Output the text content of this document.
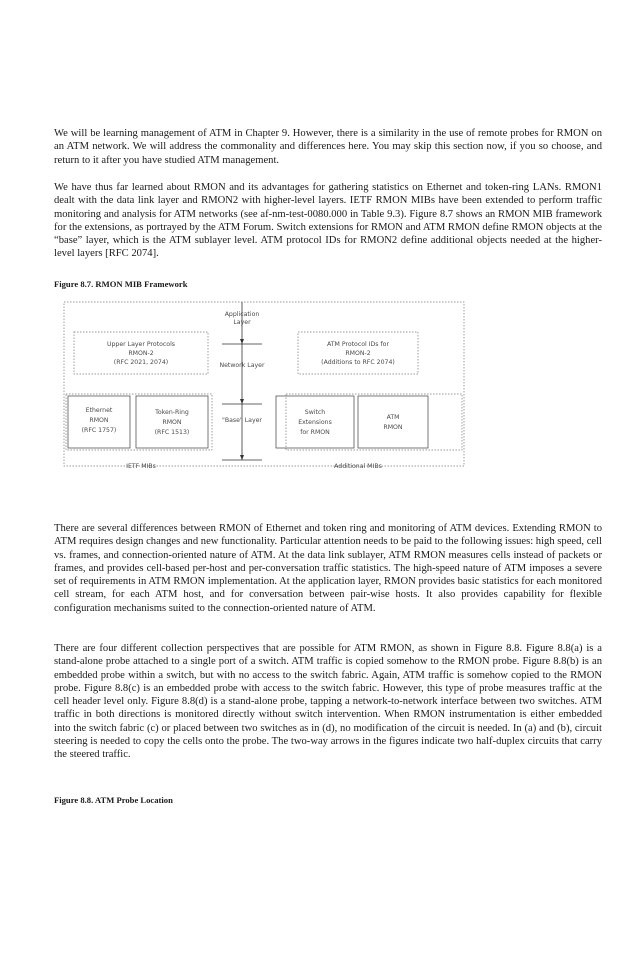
We will be learning management of ATM in Chapter 9. However, there is a similarity in the use of remote probes for RMON on an ATM network. We will address the commonality and differences here. You may skip this section now, if you so choose, and return to it after you have studied ATM management.

We have thus far learned about RMON and its advantages for gathering statistics on Ethernet and token-ring LANs. RMON1 dealt with the data link layer and RMON2 with higher-level layers. IETF RMON MIBs have been extended to perform traffic monitoring and analysis for ATM networks (see af-nm-test-0080.000 in Table 9.3). Figure 8.7 shows an RMON MIB framework for the extensions, as portrayed by the ATM Forum. Switch extensions for RMON and ATM RMON define RMON objects at the “base” layer, which is the ATM sublayer level. ATM protocol IDs for RMON2 define additional objects needed at the higher-level layers [RFC 2074].

Figure 8.7. RMON MIB Framework

Application
Layer
Network Layer
"Base" Layer
Upper Layer Protocols
RMON-2
(RFC 2021, 2074)
ATM Protocol IDs for
RMON-2
(Additions to RFC 2074)
Ethernet
RMON
(RFC 1757)
Token-Ring
RMON
(RFC 1513)
Switch
Extensions
for RMON
ATM
RMON
IETF MIBs	Additional MIBs

There are several differences between RMON of Ethernet and token ring and monitoring of ATM devices. Extending RMON to ATM requires design changes and new functionality. Particular attention needs to be paid to the following issues: high speed, cell vs. frames, and connection-oriented nature of ATM. At the data link sublayer, ATM RMON measures cells instead of packets or frames, and provides cell-based per-host and per-conversation traffic statistics. The high-speed nature of ATM imposes a severe set of requirements in ATM RMON implementation. At the application layer, RMON provides basic statistics for each monitored cell stream, for each ATM host, and for conversation between pair-wise hosts. It also provides capability for flexible configuration mechanisms suited to the connection-oriented nature of ATM.

There are four different collection perspectives that are possible for ATM RMON, as shown in Figure 8.8. Figure 8.8(a) is a stand-alone probe attached to a single port of a switch. ATM traffic is copied somehow to the RMON probe. Figure 8.8(b) is an embedded probe within a switch, but with no access to the switch fabric. Again, ATM traffic is somehow copied to the RMON probe. Figure 8.8(c) is an embedded probe with access to the switch fabric. However, this type of probe measures traffic at the cell header level only. Figure 8.8(d) is a stand-alone probe, tapping a network-to-network interface between two switches. ATM traffic in both directions is monitored directly without switch intervention. When RMON instrumentation is either embedded into the switch fabric (c) or placed between two switches as in (d), no modification of the circuit is needed. In (a) and (b), circuit steering is needed to copy the cells onto the probe. The two-way arrows in the figures indicate two half-duplex circuits that carry the steered traffic.

Figure 8.8. ATM Probe Location
